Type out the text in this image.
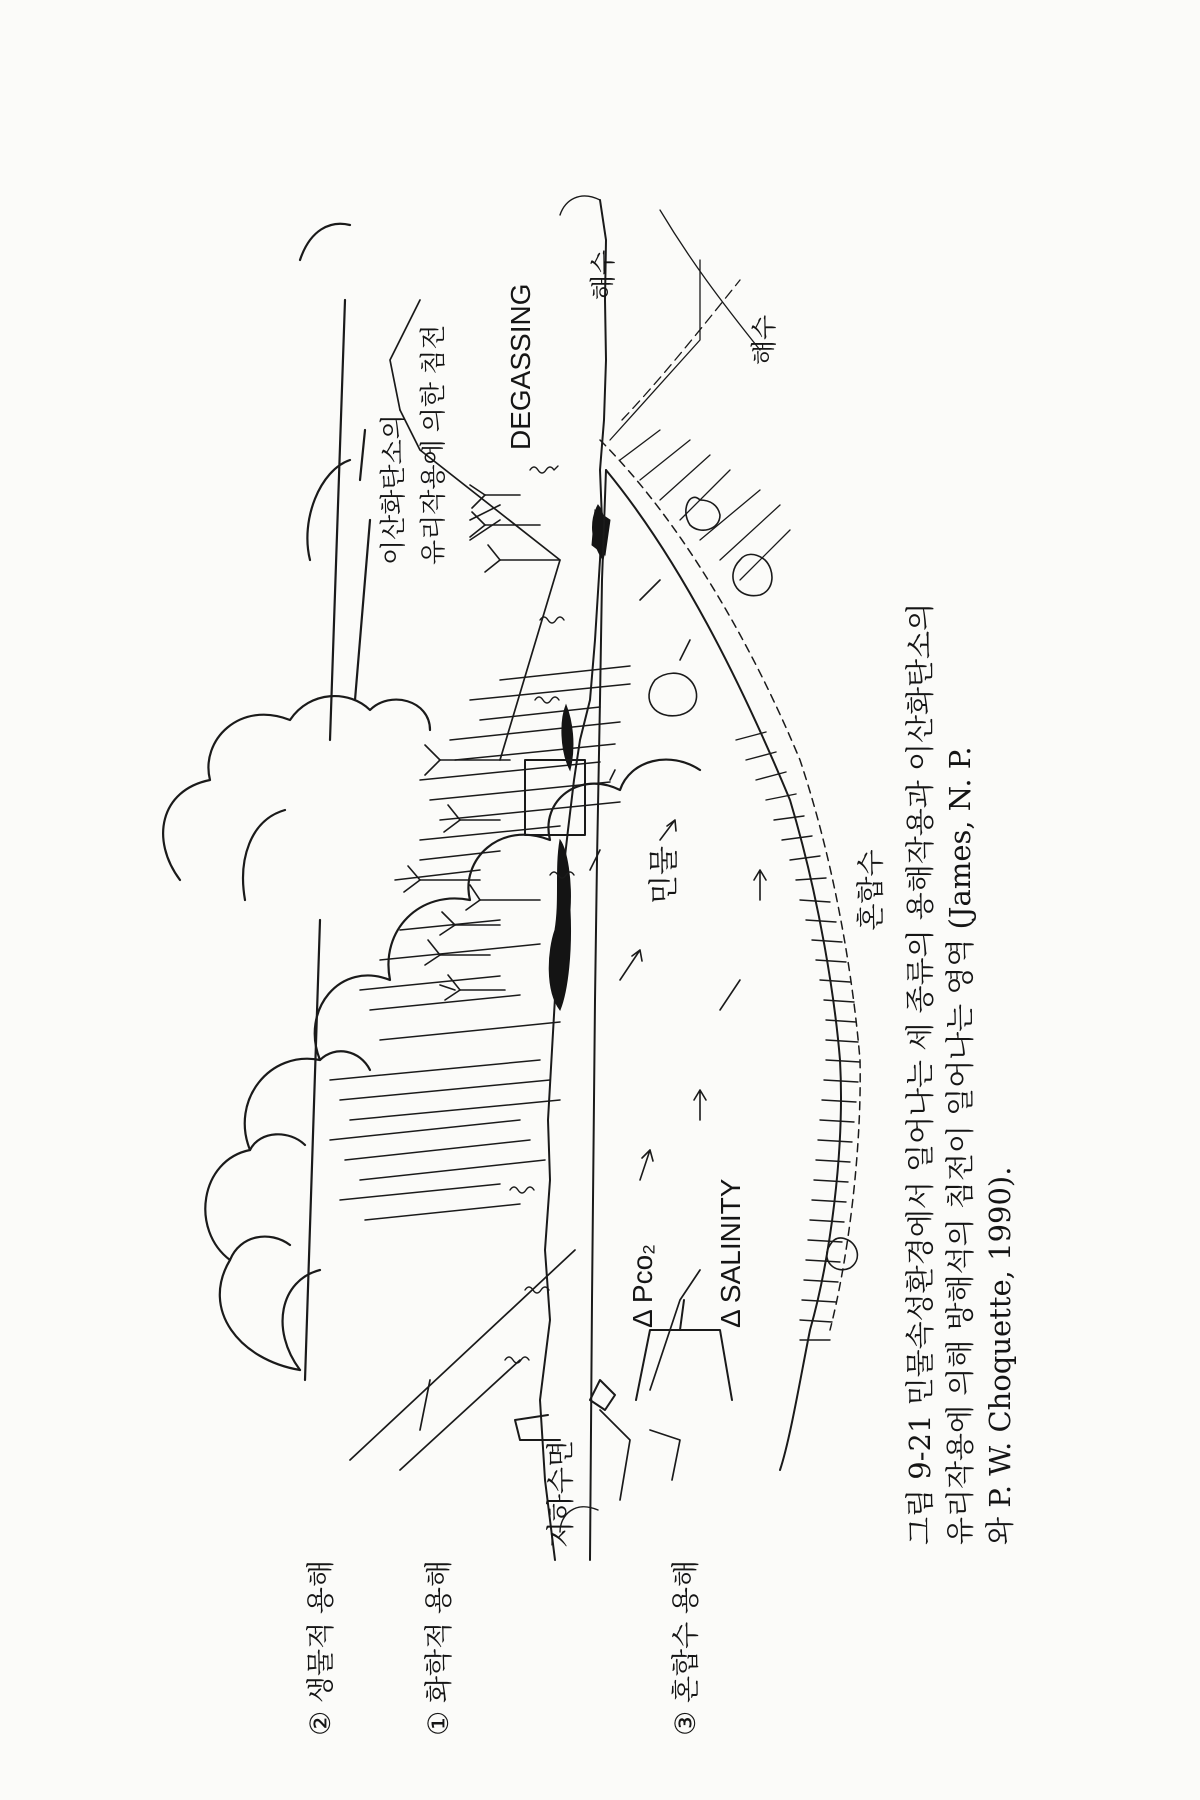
② 생물적 용해	① 화학적 용해
지하수면
③ 혼합수 용해
Δ Pco₂ Δ SALINITY
민물	혼합수
해수
해수
DEGASSING
이산화탄소의 유리작용에 의한 침전
그림 9-21 민물속성환경에서 일어나는 세 종류의 용해작용과 이산화탄소의 유리작용에 의해 방해석의 침전이 일어나는 영역 (James, N. P. 와 P. W. Choquette, 1990).
